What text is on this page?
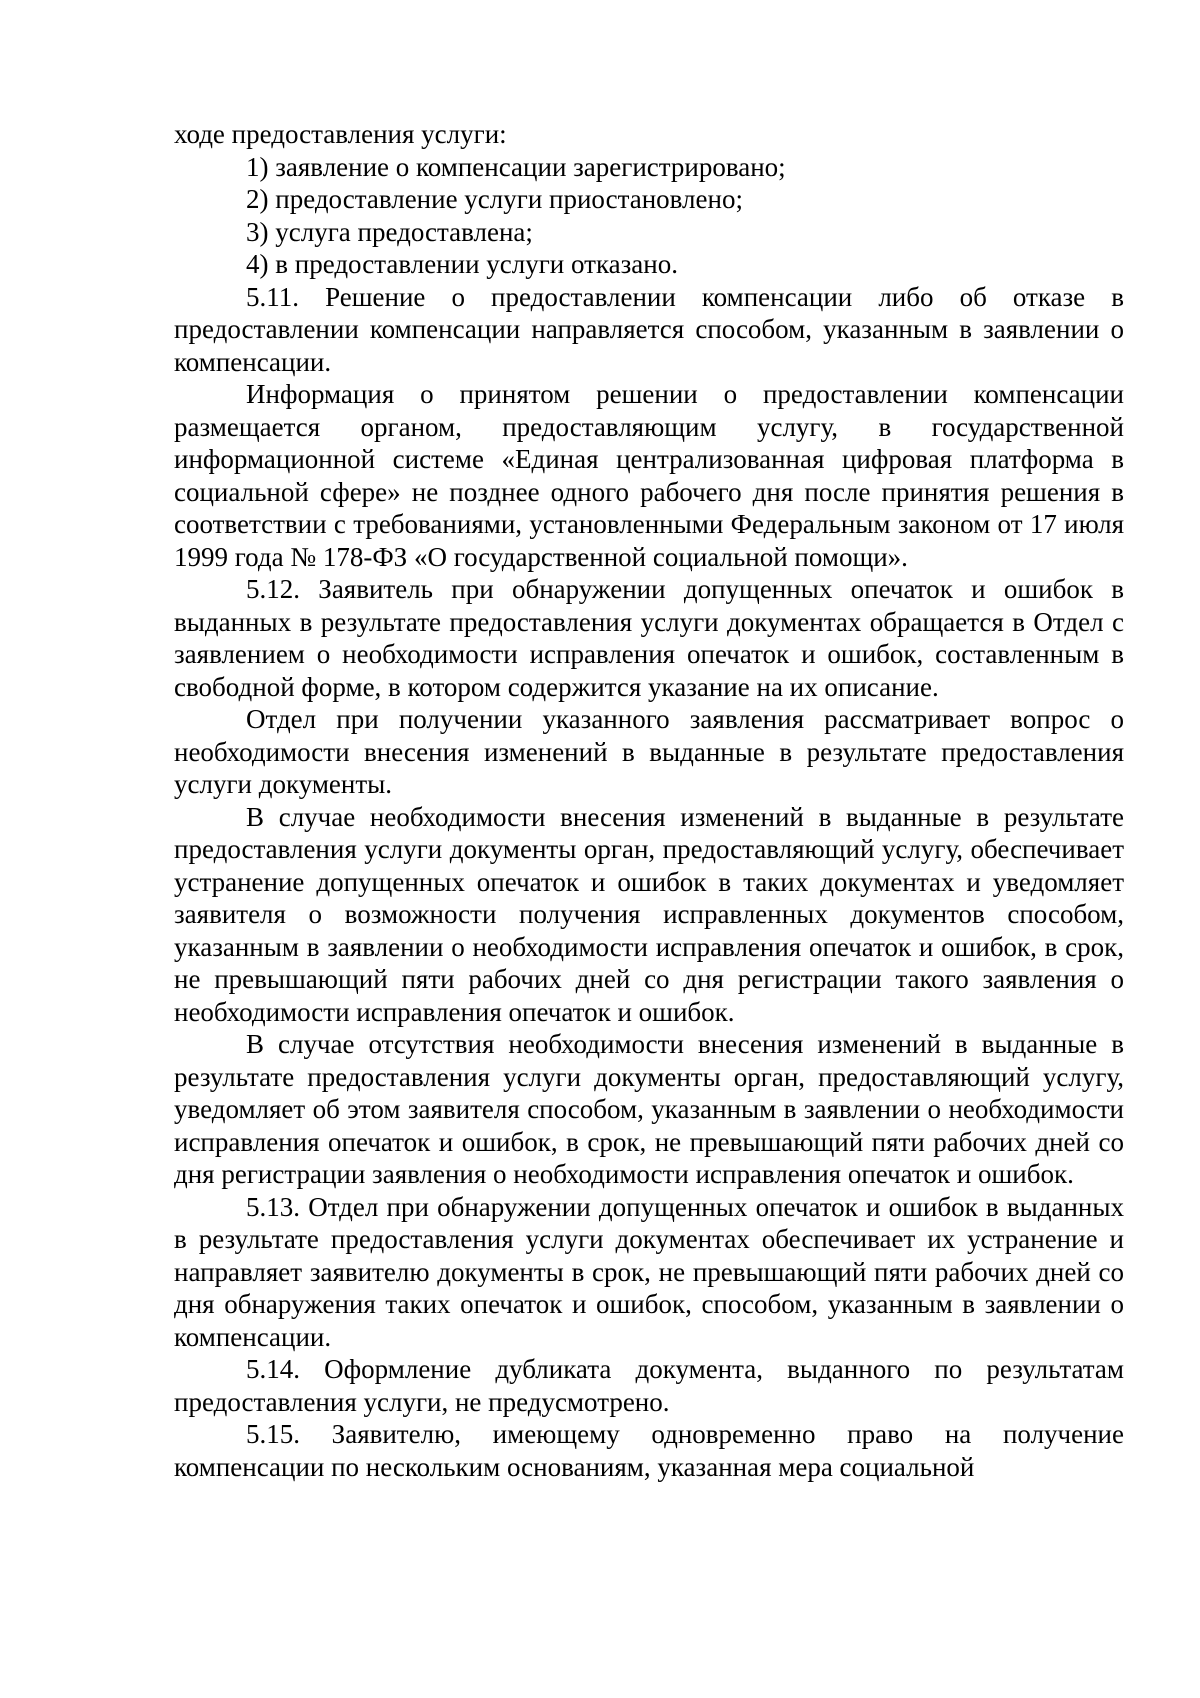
ходе предоставления услуги:

1) заявление о компенсации зарегистрировано;

2) предоставление услуги приостановлено;

3) услуга предоставлена;

4) в предоставлении услуги отказано.

5.11. Решение о предоставлении компенсации либо об отказе в предоставлении компенсации направляется способом, указанным в заявлении о компенсации.

Информация о принятом решении о предоставлении компенсации размещается органом, предоставляющим услугу, в государственной информационной системе «Единая централизованная цифровая платформа в социальной сфере» не позднее одного рабочего дня после принятия решения в соответствии с требованиями, установленными Федеральным законом от 17 июля 1999 года № 178-ФЗ «О государственной социальной помощи».

5.12. Заявитель при обнаружении допущенных опечаток и ошибок в выданных в результате предоставления услуги документах обращается в Отдел с заявлением о необходимости исправления опечаток и ошибок, составленным в свободной форме, в котором содержится указание на их описание.

Отдел при получении указанного заявления рассматривает вопрос о необходимости внесения изменений в выданные в результате предоставления услуги документы.

В случае необходимости внесения изменений в выданные в результате предоставления услуги документы орган, предоставляющий услугу, обеспечивает устранение допущенных опечаток и ошибок в таких документах и уведомляет заявителя о возможности получения исправленных документов способом, указанным в заявлении о необходимости исправления опечаток и ошибок, в срок, не превышающий пяти рабочих дней со дня регистрации такого заявления о необходимости исправления опечаток и ошибок.

В случае отсутствия необходимости внесения изменений в выданные в результате предоставления услуги документы орган, предоставляющий услугу, уведомляет об этом заявителя способом, указанным в заявлении о необходимости исправления опечаток и ошибок, в срок, не превышающий пяти рабочих дней со дня регистрации заявления о необходимости исправления опечаток и ошибок.

5.13. Отдел при обнаружении допущенных опечаток и ошибок в выданных в результате предоставления услуги документах обеспечивает их устранение и направляет заявителю документы в срок, не превышающий пяти рабочих дней со дня обнаружения таких опечаток и ошибок, способом, указанным в заявлении о компенсации.

5.14. Оформление дубликата документа, выданного по результатам предоставления услуги, не предусмотрено.

5.15. Заявителю, имеющему одновременно право на получение компенсации по нескольким основаниям, указанная мера социальной
